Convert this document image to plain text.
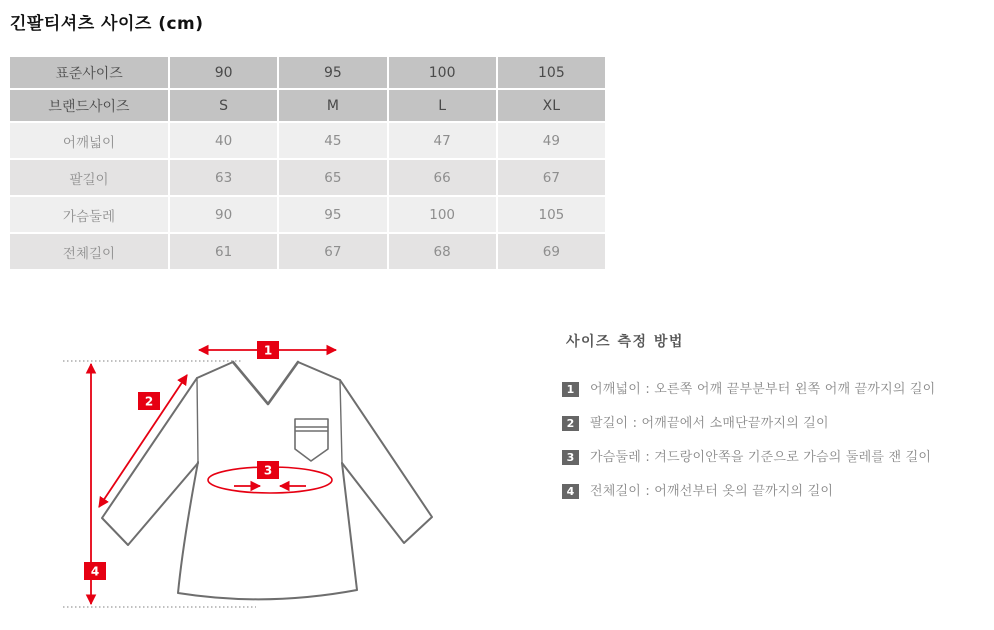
긴팔티셔츠 사이즈 (cm)
표준사이즈	90	95	100	105
브랜드사이즈	S	M	L	XL
어깨넓이	40	45	47	49
팔길이	63	65	66	67
가슴둘레	90	95	100	105
전체길이	61	67	68	69
1
2
3
4
사이즈 측정 방법
1	어깨넓이 : 오른쪽 어깨 끝부분부터 왼쪽 어깨 끝까지의 길이
2	팔길이 : 어깨끝에서 소매단끝까지의 길이
3	가슴둘레 : 겨드랑이안쪽을 기준으로 가슴의 둘레를 잰 길이
4	전체길이 : 어깨선부터 옷의 끝까지의 길이
